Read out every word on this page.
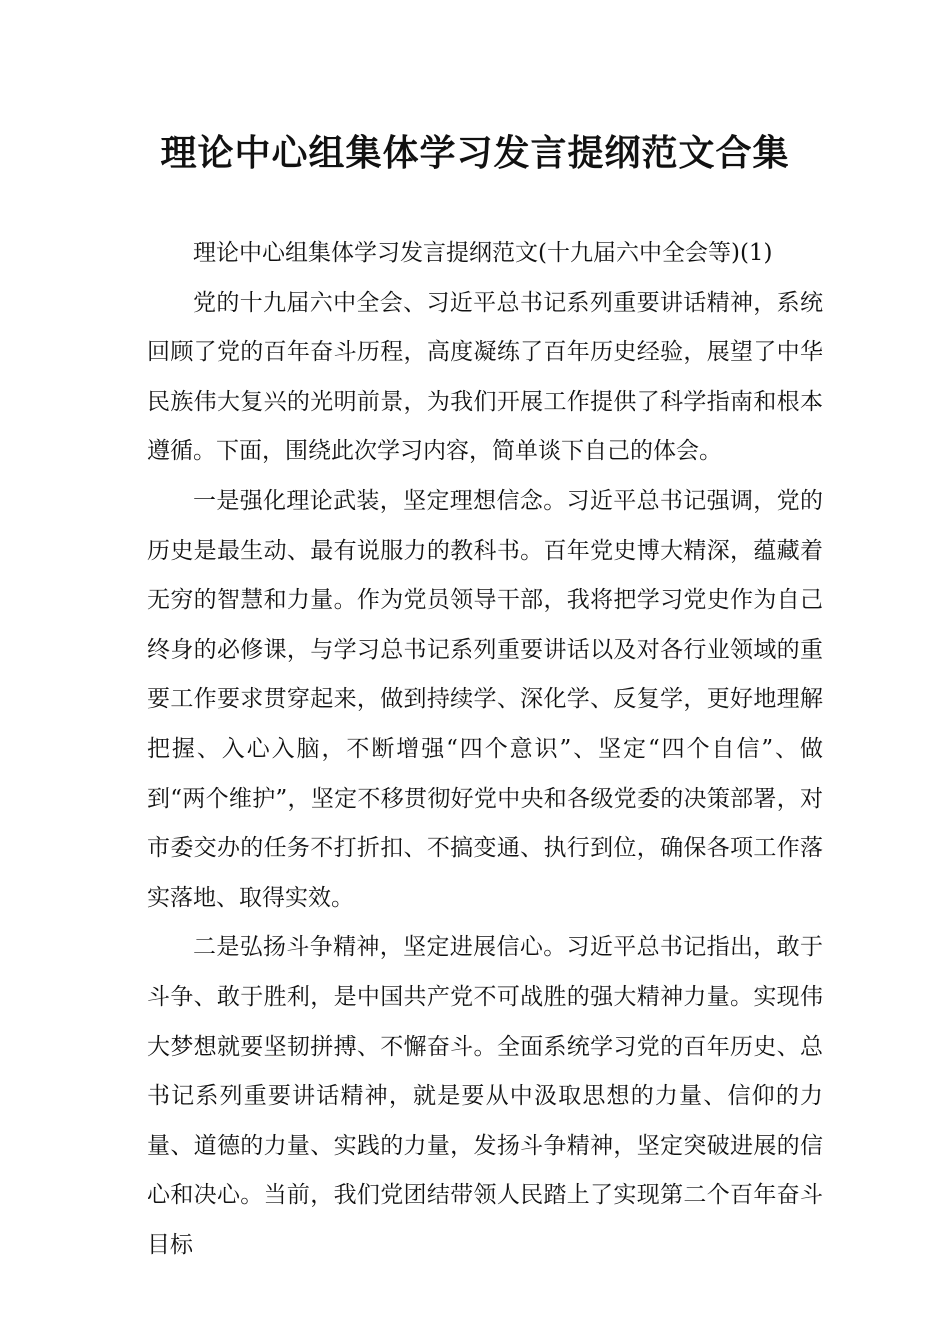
理论中心组集体学习发言提纲范文合集

理论中心组集体学习发言提纲范文(十九届六中全会等)(1)

党的十九届六中全会、习近平总书记系列重要讲话精神，系统回顾了党的百年奋斗历程，高度凝练了百年历史经验，展望了中华民族伟大复兴的光明前景，为我们开展工作提供了科学指南和根本遵循。下面，围绕此次学习内容，简单谈下自己的体会。

一是强化理论武装，坚定理想信念。习近平总书记强调，党的历史是最生动、最有说服力的教科书。百年党史博大精深，蕴藏着无穷的智慧和力量。作为党员领导干部，我将把学习党史作为自己终身的必修课，与学习总书记系列重要讲话以及对各行业领域的重要工作要求贯穿起来，做到持续学、深化学、反复学，更好地理解把握、入心入脑，不断增强“四个意识”、坚定“四个自信”、做到“两个维护”，坚定不移贯彻好党中央和各级党委的决策部署，对市委交办的任务不打折扣、不搞变通、执行到位，确保各项工作落实落地、取得实效。

二是弘扬斗争精神，坚定进展信心。习近平总书记指出，敢于斗争、敢于胜利，是中国共产党不可战胜的强大精神力量。实现伟大梦想就要坚韧拼搏、不懈奋斗。全面系统学习党的百年历史、总书记系列重要讲话精神，就是要从中汲取思想的力量、信仰的力量、道德的力量、实践的力量，发扬斗争精神，坚定突破进展的信心和决心。当前，我们党团结带领人民踏上了实现第二个百年奋斗目标
